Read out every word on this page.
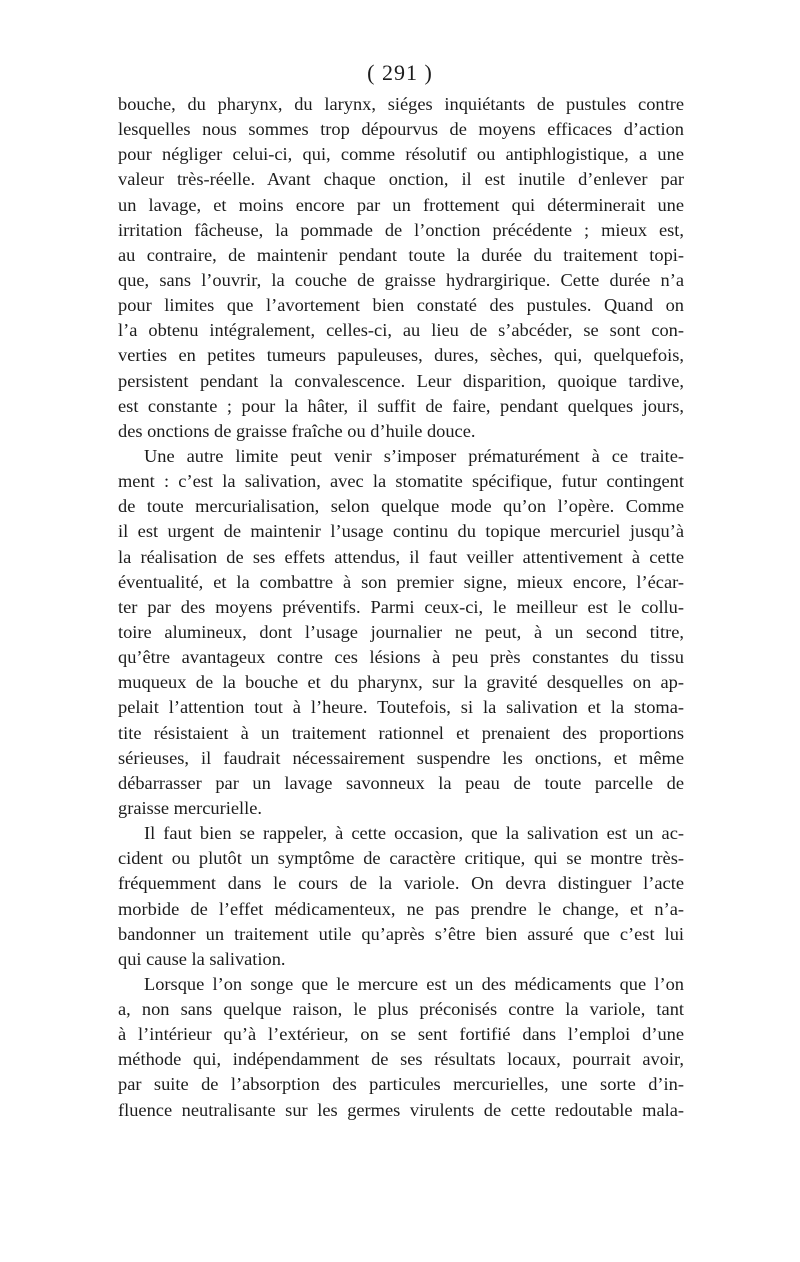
( 291 )
bouche, du pharynx, du larynx, siéges inquiétants de pustules contre
lesquelles nous sommes trop dépourvus de moyens efficaces d’action
pour négliger celui-ci, qui, comme résolutif ou antiphlogistique, a une
valeur très-réelle. Avant chaque onction, il est inutile d’enlever par
un lavage, et moins encore par un frottement qui déterminerait une
irritation fâcheuse, la pommade de l’onction précédente ; mieux est,
au contraire, de maintenir pendant toute la durée du traitement topi-
que, sans l’ouvrir, la couche de graisse hydrargirique. Cette durée n’a
pour limites que l’avortement bien constaté des pustules. Quand on
l’a obtenu intégralement, celles-ci, au lieu de s’abcéder, se sont con-
verties en petites tumeurs papuleuses, dures, sèches, qui, quelquefois,
persistent pendant la convalescence. Leur disparition, quoique tardive,
est constante ; pour la hâter, il suffit de faire, pendant quelques jours,
des onctions de graisse fraîche ou d’huile douce.
Une autre limite peut venir s’imposer prématurément à ce traite-
ment : c’est la salivation, avec la stomatite spécifique, futur contingent
de toute mercurialisation, selon quelque mode qu’on l’opère. Comme
il est urgent de maintenir l’usage continu du topique mercuriel jusqu’à
la réalisation de ses effets attendus, il faut veiller attentivement à cette
éventualité, et la combattre à son premier signe, mieux encore, l’écar-
ter par des moyens préventifs. Parmi ceux-ci, le meilleur est le collu-
toire alumineux, dont l’usage journalier ne peut, à un second titre,
qu’être avantageux contre ces lésions à peu près constantes du tissu
muqueux de la bouche et du pharynx, sur la gravité desquelles on ap-
pelait l’attention tout à l’heure. Toutefois, si la salivation et la stoma-
tite résistaient à un traitement rationnel et prenaient des proportions
sérieuses, il faudrait nécessairement suspendre les onctions, et même
débarrasser par un lavage savonneux la peau de toute parcelle de
graisse mercurielle.
Il faut bien se rappeler, à cette occasion, que la salivation est un ac-
cident ou plutôt un symptôme de caractère critique, qui se montre très-
fréquemment dans le cours de la variole. On devra distinguer l’acte
morbide de l’effet médicamenteux, ne pas prendre le change, et n’a-
bandonner un traitement utile qu’après s’être bien assuré que c’est lui
qui cause la salivation.
Lorsque l’on songe que le mercure est un des médicaments que l’on
a, non sans quelque raison, le plus préconisés contre la variole, tant
à l’intérieur qu’à l’extérieur, on se sent fortifié dans l’emploi d’une
méthode qui, indépendamment de ses résultats locaux, pourrait avoir,
par suite de l’absorption des particules mercurielles, une sorte d’in-
fluence neutralisante sur les germes virulents de cette redoutable mala-
